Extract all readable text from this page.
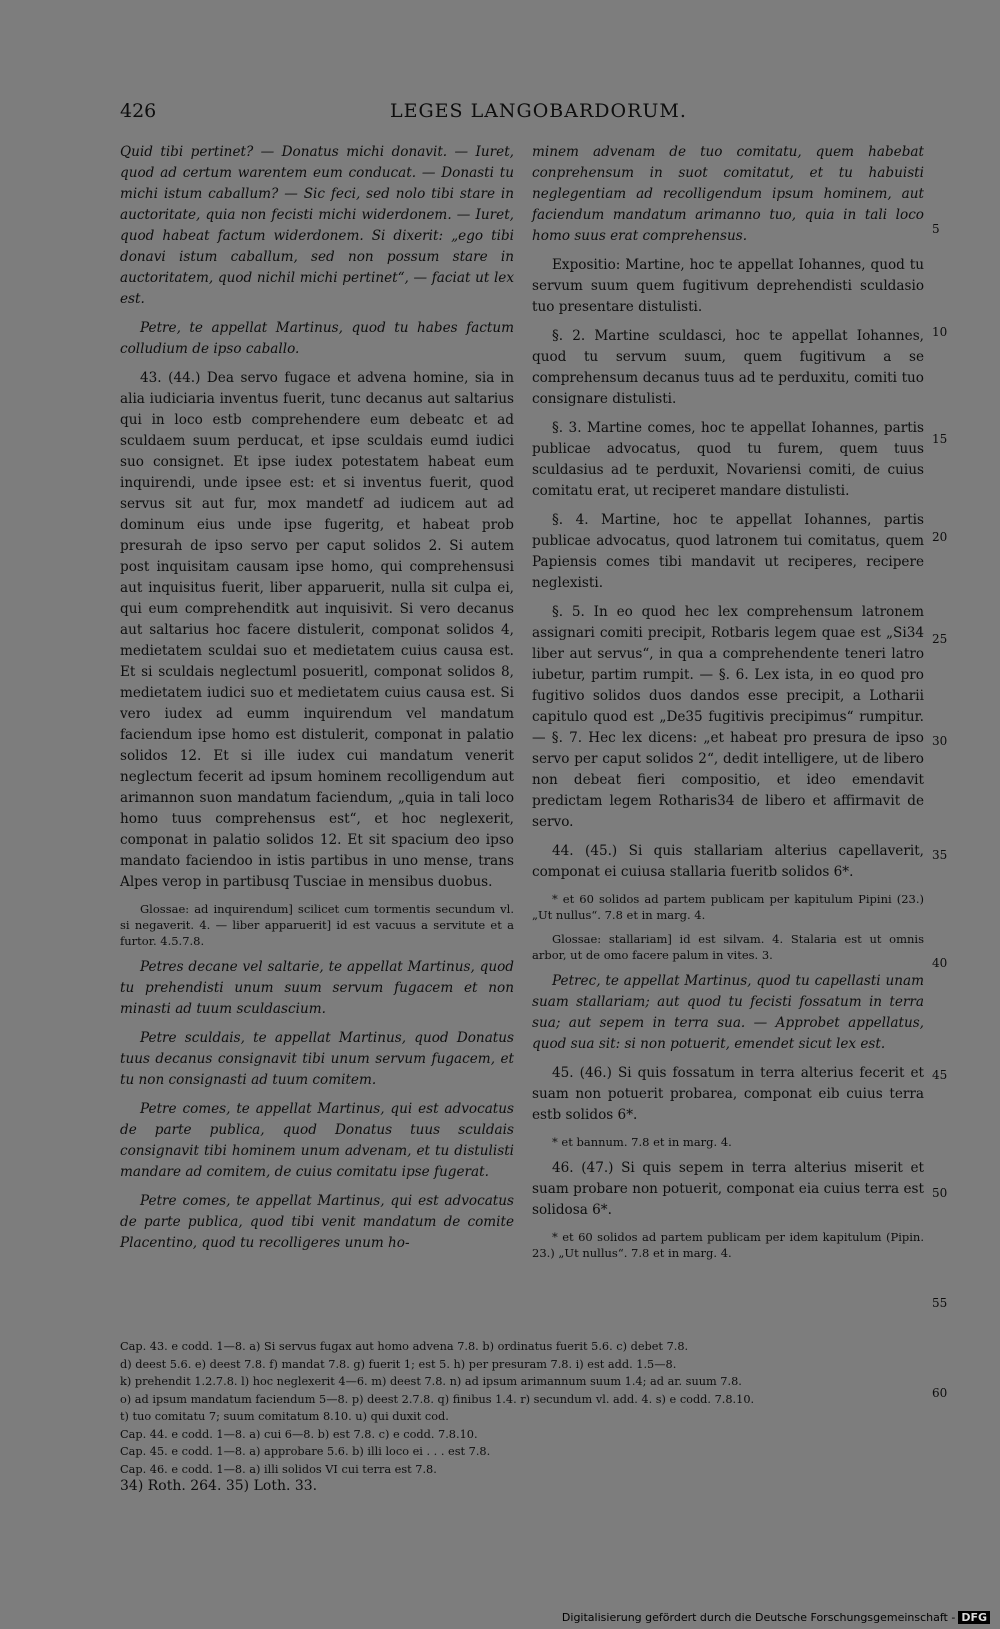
426	LEGES LANGOBARDORUM.

Quid tibi pertinet? — Donatus michi donavit. — Iuret, quod ad certum warentem eum conducat. — Donasti tu michi istum caballum? — Sic feci, sed nolo tibi stare in auctoritate, quia non fecisti michi widerdonem. — Iuret, quod habeat factum widerdonem. Si dixerit: „ego tibi donavi istum caballum, sed non possum stare in auctoritatem, quod nichil michi pertinet“, — faciat ut lex est.

Petre, te appellat Martinus, quod tu habes factum colludium de ipso caballo.

43. (44.) Dea servo fugace et advena homine, sia in alia iudiciaria inventus fuerit, tunc decanus aut saltarius qui in loco estb comprehendere eum debeatc et ad sculdaem suum perducat, et ipse sculdais eumd iudici suo consignet. Et ipse iudex potestatem habeat eum inquirendi, unde ipsee est: et si inventus fuerit, quod servus sit aut fur, mox mandetf ad iudicem aut ad dominum eius unde ipse fugeritg, et habeat prob presurah de ipso servo per caput solidos 2. Si autem post inquisitam causam ipse homo, qui comprehensusi aut inquisitus fuerit, liber apparuerit, nulla sit culpa ei, qui eum comprehenditk aut inquisivit. Si vero decanus aut saltarius hoc facere distulerit, componat solidos 4, medietatem sculdai suo et medietatem cuius causa est. Et si sculdais neglectuml posueritl, componat solidos 8, medietatem iudici suo et medietatem cuius causa est. Si vero iudex ad eumm inquirendum vel mandatum faciendum ipse homo est distulerit, componat in palatio solidos 12. Et si ille iudex cui mandatum venerit neglectum fecerit ad ipsum hominem recolligendum aut arimannon suon mandatum faciendum, „quia in tali loco homo tuus comprehensus est“, et hoc neglexerit, componat in palatio solidos 12. Et sit spacium deo ipso mandato faciendoo in istis partibus in uno mense, trans Alpes verop in partibusq Tusciae in mensibus duobus.

Glossae: ad inquirendum] scilicet cum tormentis secundum vl. si negaverit. 4. — liber apparuerit] id est vacuus a servitute et a furtor. 4.5.7.8.

Petres decane vel saltarie, te appellat Martinus, quod tu prehendisti unum suum servum fugacem et non minasti ad tuum sculdascium.

Petre sculdais, te appellat Martinus, quod Donatus tuus decanus consignavit tibi unum servum fugacem, et tu non consignasti ad tuum comitem.

Petre comes, te appellat Martinus, qui est advocatus de parte publica, quod Donatus tuus sculdais consignavit tibi hominem unum advenam, et tu distulisti mandare ad comitem, de cuius comitatu ipse fugerat.

Petre comes, te appellat Martinus, qui est advocatus de parte publica, quod tibi venit mandatum de comite Placentino, quod tu recolligeres unum ho-

minem advenam de tuo comitatu, quem habebat conprehensum in suot comitatut, et tu habuisti neglegentiam ad recolligendum ipsum hominem, aut faciendum mandatum arimanno tuo, quia in tali loco homo suus erat comprehensus.

Expositio: Martine, hoc te appellat Iohannes, quod tu servum suum quem fugitivum deprehendisti sculdasio tuo presentare distulisti.

§. 2. Martine sculdasci, hoc te appellat Iohannes, quod tu servum suum, quem fugitivum a se comprehensum decanus tuus ad te perduxitu, comiti tuo consignare distulisti.

§. 3. Martine comes, hoc te appellat Iohannes, partis publicae advocatus, quod tu furem, quem tuus sculdasius ad te perduxit, Novariensi comiti, de cuius comitatu erat, ut reciperet mandare distulisti.

§. 4. Martine, hoc te appellat Iohannes, partis publicae advocatus, quod latronem tui comitatus, quem Papiensis comes tibi mandavit ut reciperes, recipere neglexisti.

§. 5. In eo quod hec lex comprehensum latronem assignari comiti precipit, Rotbaris legem quae est „Si34 liber aut servus“, in qua a comprehendente teneri latro iubetur, partim rumpit. — §. 6. Lex ista, in eo quod pro fugitivo solidos duos dandos esse precipit, a Lotharii capitulo quod est „De35 fugitivis precipimus“ rumpitur. — §. 7. Hec lex dicens: „et habeat pro presura de ipso servo per caput solidos 2“, dedit intelligere, ut de libero non debeat fieri compositio, et ideo emendavit predictam legem Rotharis34 de libero et affirmavit de servo.

44. (45.) Si quis stallariam alterius capellaverit, componat ei cuiusa stallaria fueritb solidos 6*.

* et 60 solidos ad partem publicam per kapitulum Pipini (23.) „Ut nullus“. 7.8 et in marg. 4.

Glossae: stallariam] id est silvam. 4. Stalaria est ut omnis arbor, ut de omo facere palum in vites. 3.

Petrec, te appellat Martinus, quod tu capellasti unam suam stallariam; aut quod tu fecisti fossatum in terra sua; aut sepem in terra sua. — Approbet appellatus, quod sua sit: si non potuerit, emendet sicut lex est.

45. (46.) Si quis fossatum in terra alterius fecerit et suam non potuerit probarea, componat eib cuius terra estb solidos 6*.

* et bannum. 7.8 et in marg. 4.

46. (47.) Si quis sepem in terra alterius miserit et suam probare non potuerit, componat eia cuius terra est solidosa 6*.

* et 60 solidos ad partem publicam per idem kapitulum (Pipin. 23.) „Ut nullus“. 7.8 et in marg. 4.

5
10
15
20
25
30
35
40
45
50
55
60
Cap. 43. e codd. 1—8. a) Si servus fugax aut homo advena 7.8. b) ordinatus fuerit 5.6. c) debet 7.8.
d) deest 5.6. e) deest 7.8. f) mandat 7.8. g) fuerit 1; est 5. h) per presuram 7.8. i) est add. 1.5—8.
k) prehendit 1.2.7.8. l) hoc neglexerit 4—6. m) deest 7.8. n) ad ipsum arimannum suum 1.4; ad ar. suum 7.8.
o) ad ipsum mandatum faciendum 5—8. p) deest 2.7.8. q) finibus 1.4. r) secundum vl. add. 4. s) e codd. 7.8.10.
t) tuo comitatu 7; suum comitatum 8.10. u) qui duxit cod.
Cap. 44. e codd. 1—8. a) cui 6—8. b) est 7.8. c) e codd. 7.8.10.
Cap. 45. e codd. 1—8. a) approbare 5.6. b) illi loco ei . . . est 7.8.
Cap. 46. e codd. 1—8. a) illi solidos VI cui terra est 7.8.
34) Roth. 264. 35) Loth. 33.
Digitalisierung gefördert durch die Deutsche Forschungsgemeinschaft - DFG
